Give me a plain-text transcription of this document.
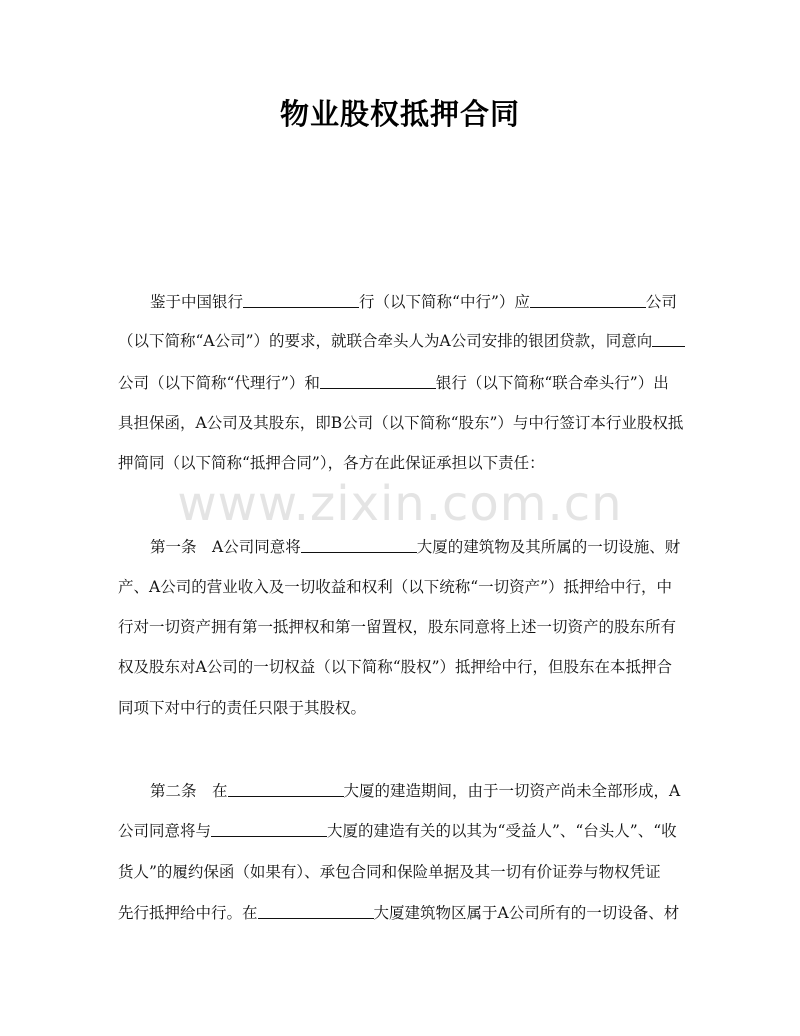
www.zixin.com.cn
物业股权抵押合同
鉴于中国银行	行（以下简称“中行”）应	公司
（以下简称“A公司”）的要求，就联合牵头人为A公司安排的银团贷款，同意向
公司（以下简称“代理行”）和	银行（以下简称“联合牵头行”）出
具担保函，A公司及其股东，即B公司（以下简称“股东”）与中行签订本行业股权抵
押简同（以下简称“抵押合同”），各方在此保证承担以下责任：
第一条　A公司同意将	大厦的建筑物及其所属的一切设施、财
产、A公司的营业收入及一切收益和权利（以下统称“一切资产”）抵押给中行，中
行对一切资产拥有第一抵押权和第一留置权，股东同意将上述一切资产的股东所有
权及股东对A公司的一切权益（以下简称“股权”）抵押给中行，但股东在本抵押合
同项下对中行的责任只限于其股权。
第二条　在	大厦的建造期间，由于一切资产尚未全部形成，A
公司同意将与	大厦的建造有关的以其为“受益人”、“台头人”、“收
货人”的履约保函（如果有）、承包合同和保险单据及其一切有价证券与物权凭证
先行抵押给中行。在	大厦建筑物区属于A公司所有的一切设备、材
